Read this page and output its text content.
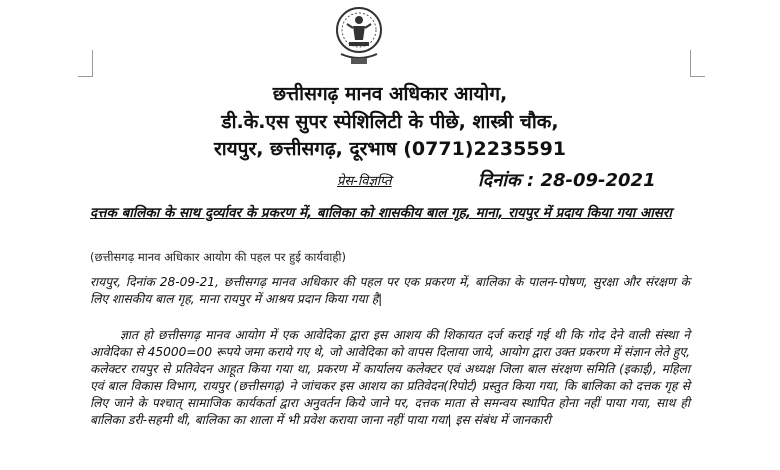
छत्तीसगढ़ मानव अधिकार आयोग,
डी.के.एस सुपर स्पेशिलिटी के पीछे, शास्त्री चौक,
रायपुर, छत्तीसगढ़, दूरभाष (0771)2235591
प्रेस-विज्ञप्ति	दिनांक : 28-09-2021
दत्तक बालिका के साथ दुर्व्यावर के प्रकरण में, बालिका को शासकीय बाल गृह, माना, रायपुर में प्रदाय किया गया आसरा
(छत्तीसगढ़ मानव अधिकार आयोग की पहल पर हुई कार्यवाही)
रायपुर, दिनांक 28-09-21, छत्तीसगढ़ मानव अधिकार की पहल पर एक प्रकरण में, बालिका के पालन-पोषण, सुरक्षा और संरक्षण के लिए शासकीय बाल गृह, माना रायपुर में आश्रय प्रदान किया गया है|
ज्ञात हो छत्तीसगढ़ मानव आयोग में एक आवेदिका द्वारा इस आशय की शिकायत दर्ज कराई गई थी कि गोद देने वाली संस्था ने आवेदिका से 45000=00 रूपये जमा कराये गए थे, जो आवेदिका को वापस दिलाया जाये, आयोग द्वारा उक्त प्रकरण में संज्ञान लेते हुए, कलेक्टर रायपुर से प्रतिवेदन आहूत किया गया था, प्रकरण में कार्यालय कलेक्टर एवं अध्यक्ष जिला बाल संरक्षण समिति (इकाई), महिला एवं बाल विकास विभाग, रायपुर (छत्तीसगढ़) ने जांचकर इस आशय का प्रतिवेदन(रिपोर्ट) प्रस्तुत किया गया, कि बालिका को दत्तक गृह से लिए जाने के पश्चात् सामाजिक कार्यकर्ता द्वारा अनुवर्तन किये जाने पर, दत्तक माता से समन्वय स्थापित होना नहीं पाया गया, साथ ही बालिका डरी-सहमी थी, बालिका का शाला में भी प्रवेश कराया जाना नहीं पाया गया| इस संबंध में जानकारी
